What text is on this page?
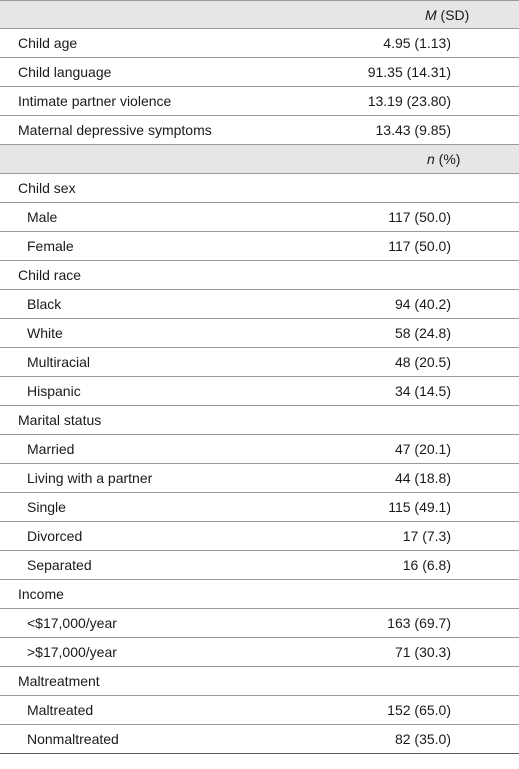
M (SD)
Child age	4.95 (1.13)
Child language	91.35 (14.31)
Intimate partner violence	13.19 (23.80)
Maternal depressive symptoms	13.43 (9.85)
n (%)
Child sex
Male	117 (50.0)
Female	117 (50.0)
Child race
Black	94 (40.2)
White	58 (24.8)
Multiracial	48 (20.5)
Hispanic	34 (14.5)
Marital status
Married	47 (20.1)
Living with a partner	44 (18.8)
Single	115 (49.1)
Divorced	17 (7.3)
Separated	16 (6.8)
Income
<$17,000/year	163 (69.7)
>$17,000/year	71 (30.3)
Maltreatment
Maltreated	152 (65.0)
Nonmaltreated	82 (35.0)
